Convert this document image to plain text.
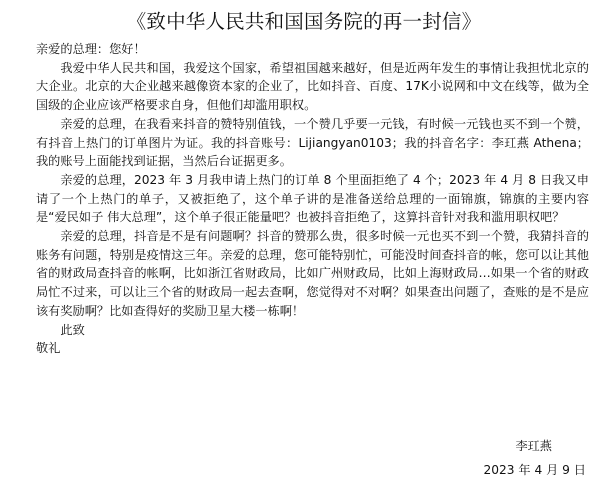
《致中华人民共和国国务院的再一封信》

亲爱的总理：您好！

我爱中华人民共和国，我爱这个国家，希望祖国越来越好，但是近两年发生的事情让我担忧北京的大企业。北京的大企业越来越像资本家的企业了，比如抖音、百度、17K小说网和中文在线等，做为全国级的企业应该严格要求自身，但他们却滥用职权。

亲爱的总理，在我看来抖音的赞特别值钱，一个赞几乎要一元钱，有时候一元钱也买不到一个赞，有抖音上热门的订单图片为证。我的抖音账号：Lijiangyan0103；我的抖音名字：李玒燕 Athena；我的账号上面能找到证据，当然后台证据更多。

亲爱的总理，2023 年 3 月我申请上热门的订单 8 个里面拒绝了 4 个；2023 年 4 月 8 日我又申请了一个上热门的单子，又被拒绝了，这个单子讲的是准备送给总理的一面锦旗，锦旗的主要内容是“爱民如子 伟大总理”，这个单子很正能量吧？也被抖音拒绝了，这算抖音针对我和滥用职权吧？

亲爱的总理，抖音是不是有问题啊？抖音的赞那么贵，很多时候一元也买不到一个赞，我猜抖音的账务有问题，特别是疫情这三年。亲爱的总理，您可能特别忙，可能没时间查抖音的帐，您可以让其他省的财政局查抖音的帐啊，比如浙江省财政局，比如广州财政局，比如上海财政局…如果一个省的财政局忙不过来，可以让三个省的财政局一起去查啊，您觉得对不对啊？如果查出问题了，查账的是不是应该有奖励啊？比如查得好的奖励卫星大楼一栋啊！

此致

敬礼

李玒燕
2023 年 4 月 9 日
